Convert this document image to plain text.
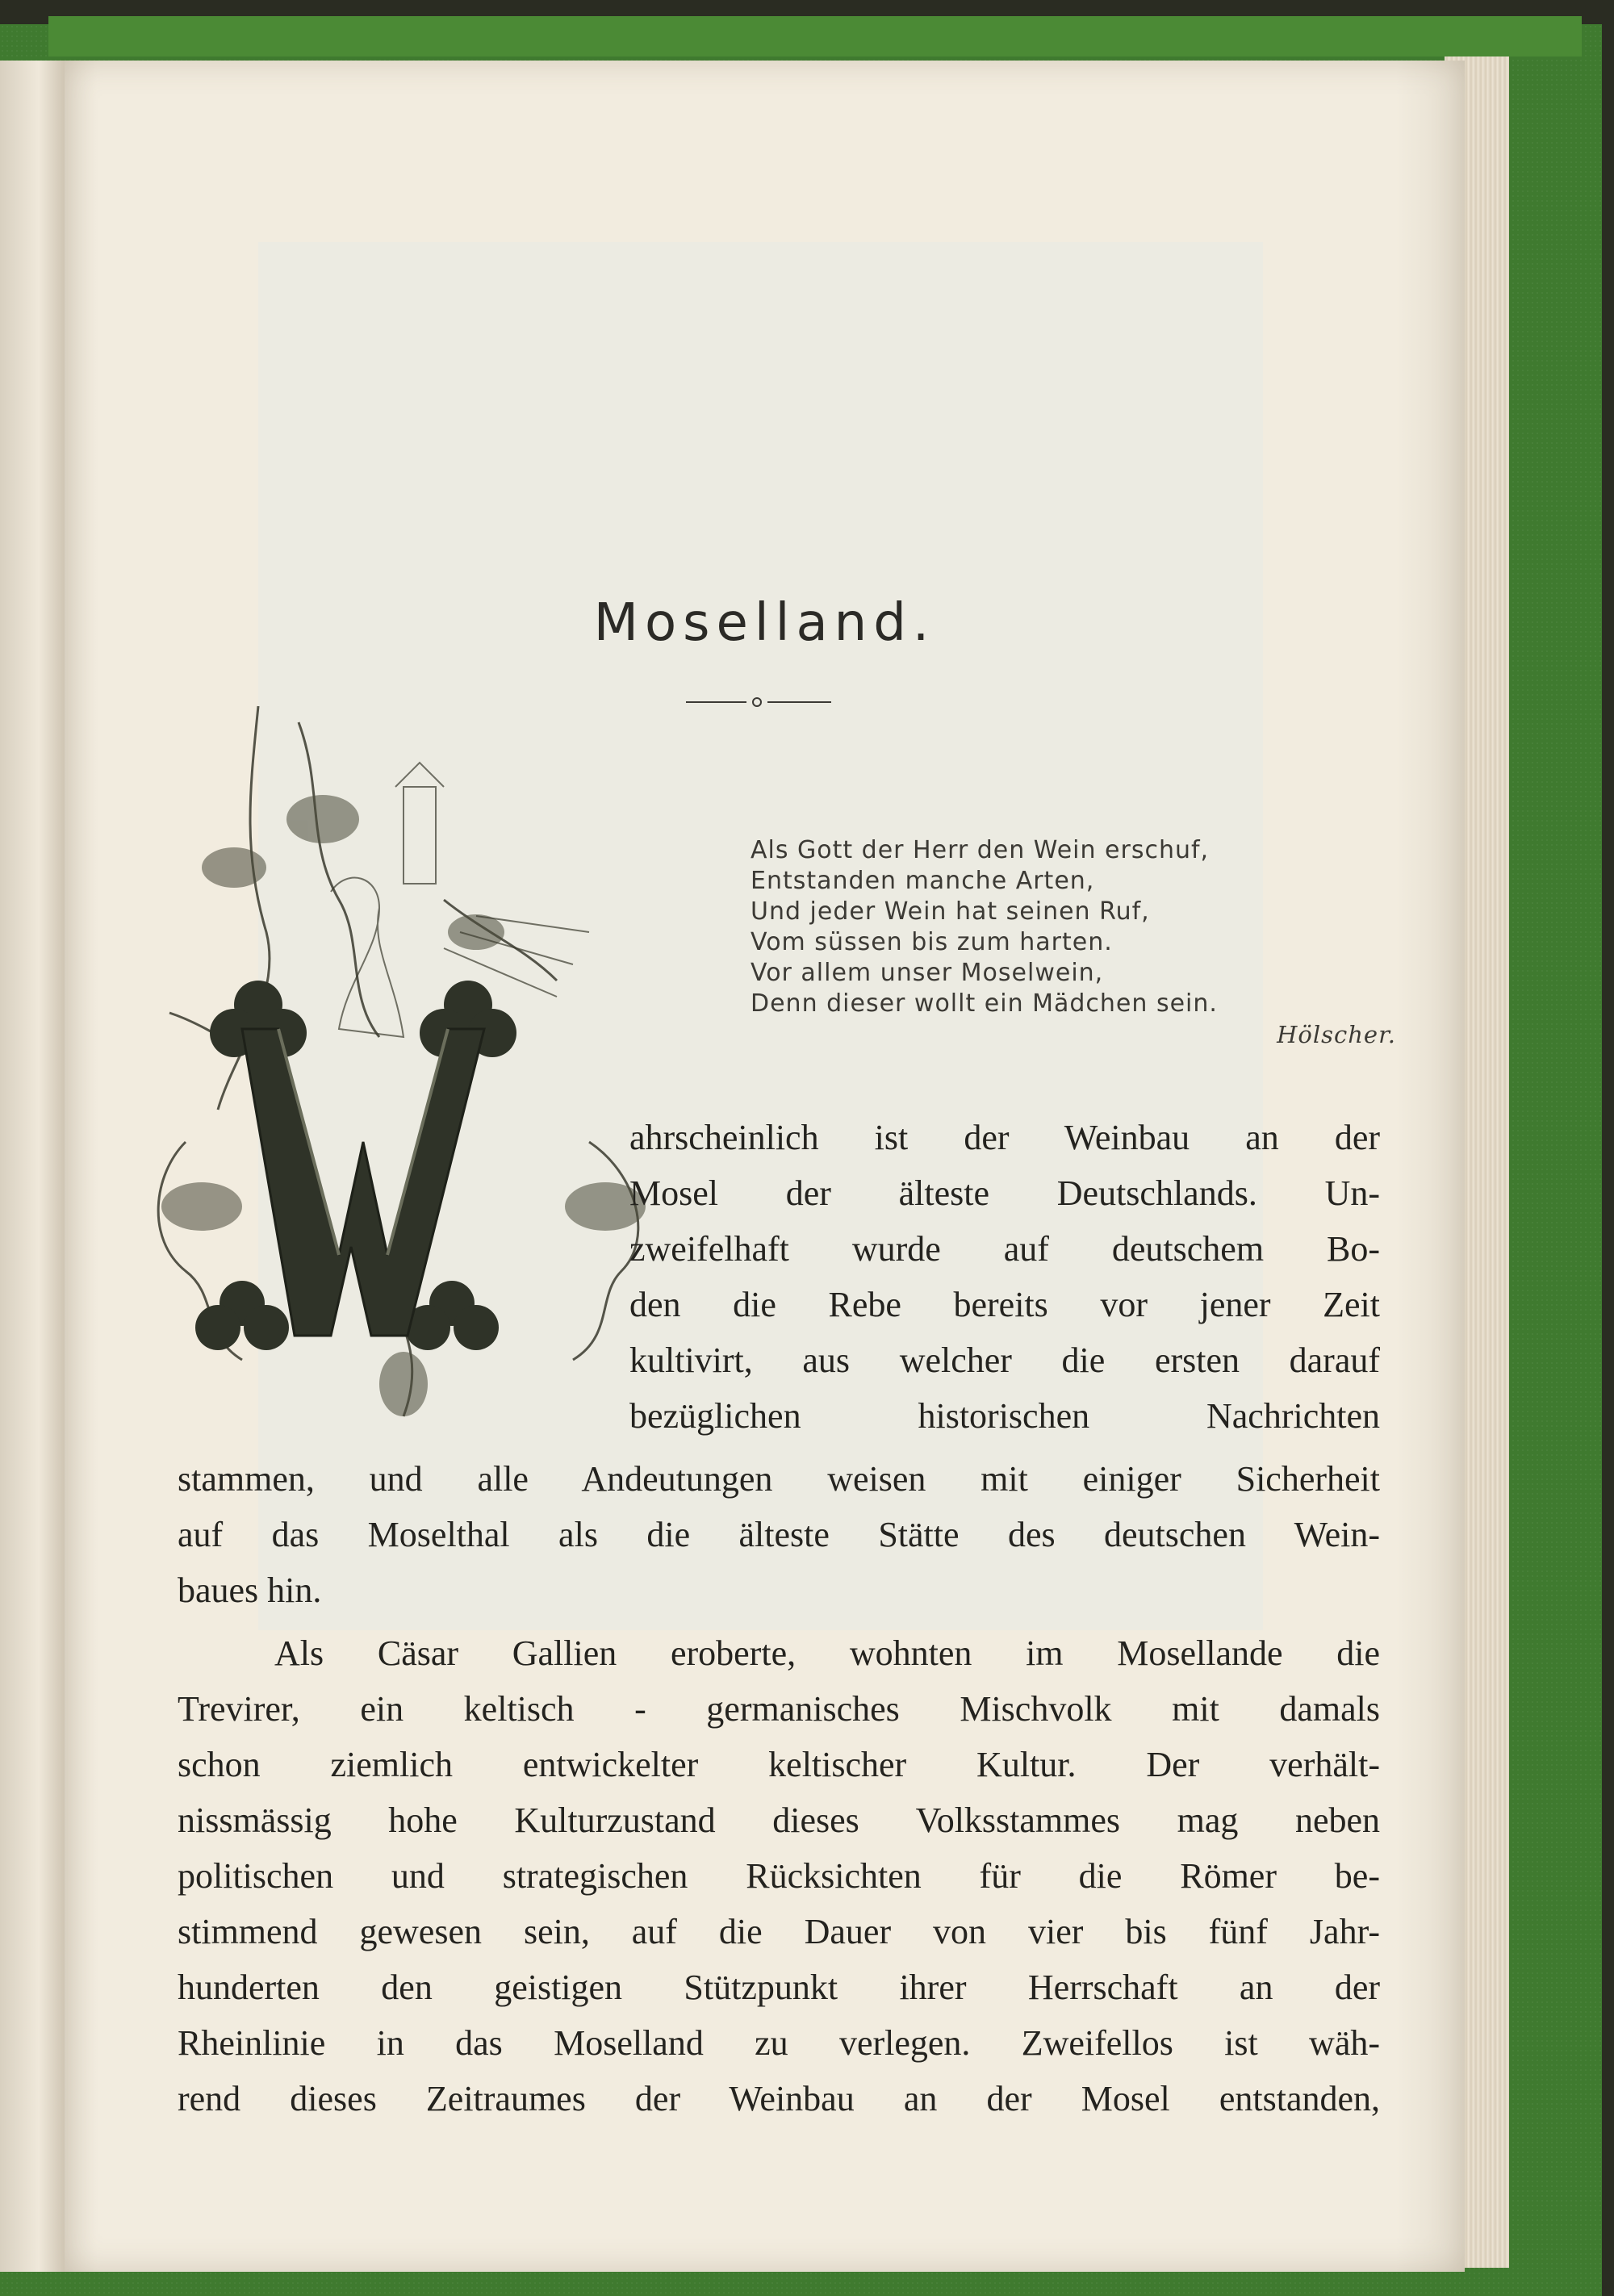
Moselland.
Als Gott der Herr den Wein erschuf,
Entstanden manche Arten,
Und jeder Wein hat seinen Ruf,
Vom süssen bis zum harten.
Vor allem unser Moselwein,
Denn dieser wollt ein Mädchen sein.
Hölscher.
ahrscheinlich ist der Weinbau an der
Mosel der älteste Deutschlands. Un-
zweifelhaft wurde auf deutschem Bo-
den die Rebe bereits vor jener Zeit
kultivirt, aus welcher die ersten darauf
bezüglichen historischen Nachrichten
stammen, und alle Andeutungen weisen mit einiger Sicherheit
auf das Moselthal als die älteste Stätte des deutschen Wein-
baues hin.
Als Cäsar Gallien eroberte, wohnten im Mosellande die
Trevirer, ein keltisch - germanisches Mischvolk mit damals
schon ziemlich entwickelter keltischer Kultur. Der verhält-
nissmässig hohe Kulturzustand dieses Volksstammes mag neben
politischen und strategischen Rücksichten für die Römer be-
stimmend gewesen sein, auf die Dauer von vier bis fünf Jahr-
hunderten den geistigen Stützpunkt ihrer Herrschaft an der
Rheinlinie in das Moselland zu verlegen. Zweifellos ist wäh-
rend dieses Zeitraumes der Weinbau an der Mosel entstanden,
